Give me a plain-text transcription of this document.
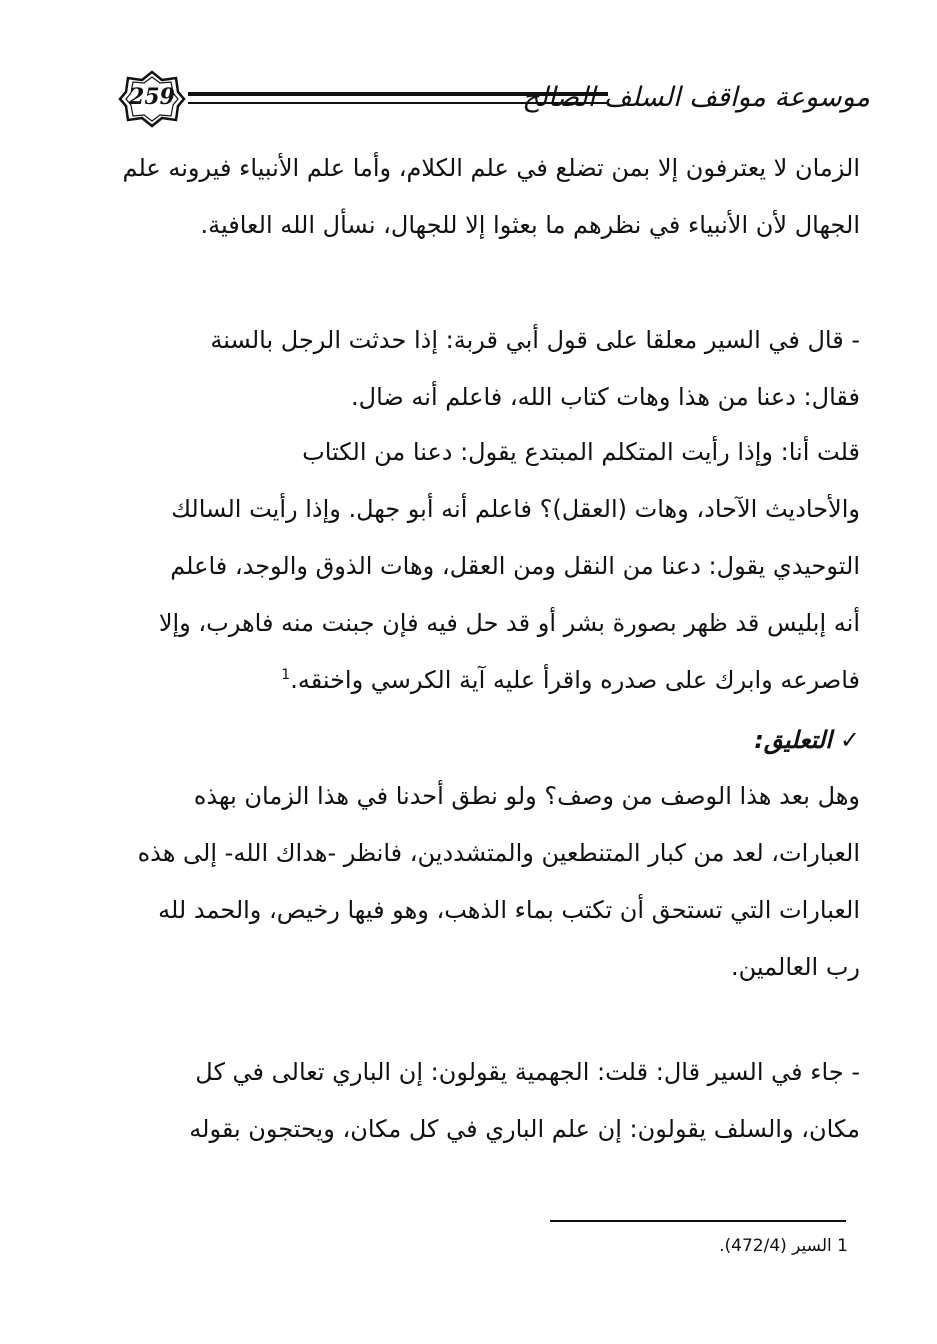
259	موسوعة مواقف السلف الصالح
الزمان لا يعترفون إلا بمن تضلع في علم الكلام، وأما علم الأنبياء فيرونه علم
الجهال لأن الأنبياء في نظرهم ما بعثوا إلا للجهال، نسأل الله العافية.
- قال في السير معلقا على قول أبي قربة: إذا حدثت الرجل بالسنة
فقال: دعنا من هذا وهات كتاب الله، فاعلم أنه ضال.
قلت أنا: وإذا رأيت المتكلم المبتدع يقول: دعنا من الكتاب
والأحاديث الآحاد، وهات (العقل)؟ فاعلم أنه أبو جهل. وإذا رأيت السالك
التوحيدي يقول: دعنا من النقل ومن العقل، وهات الذوق والوجد، فاعلم
أنه إبليس قد ظهر بصورة بشر أو قد حل فيه فإن جبنت منه فاهرب، وإلا
فاصرعه وابرك على صدره واقرأ عليه آية الكرسي واخنقه.$^1$
✓التعليق:
وهل بعد هذا الوصف من وصف؟ ولو نطق أحدنا في هذا الزمان بهذه
العبارات، لعد من كبار المتنطعين والمتشددين، فانظر -هداك الله- إلى هذه
العبارات التي تستحق أن تكتب بماء الذهب، وهو فيها رخيص، والحمد لله
رب العالمين.
- جاء في السير قال: قلت: الجهمية يقولون: إن الباري تعالى في كل
مكان، والسلف يقولون: إن علم الباري في كل مكان، ويحتجون بقوله
1 السير (472/4).
